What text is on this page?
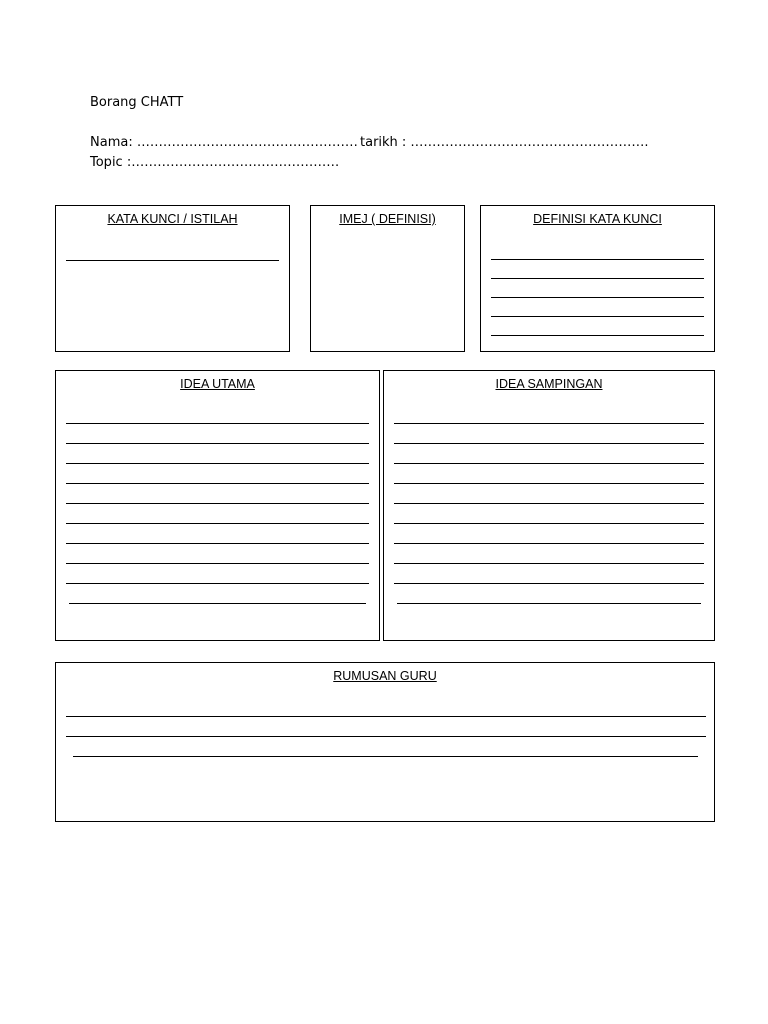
Borang CHATT
Nama: …………………………………………… tarikh : ……………………………………………….
Topic :…………………………………………
KATA KUNCI / ISTILAH	IMEJ ( DEFINISI)	DEFINISI KATA KUNCI
IDEA UTAMA	IDEA SAMPINGAN
RUMUSAN GURU
